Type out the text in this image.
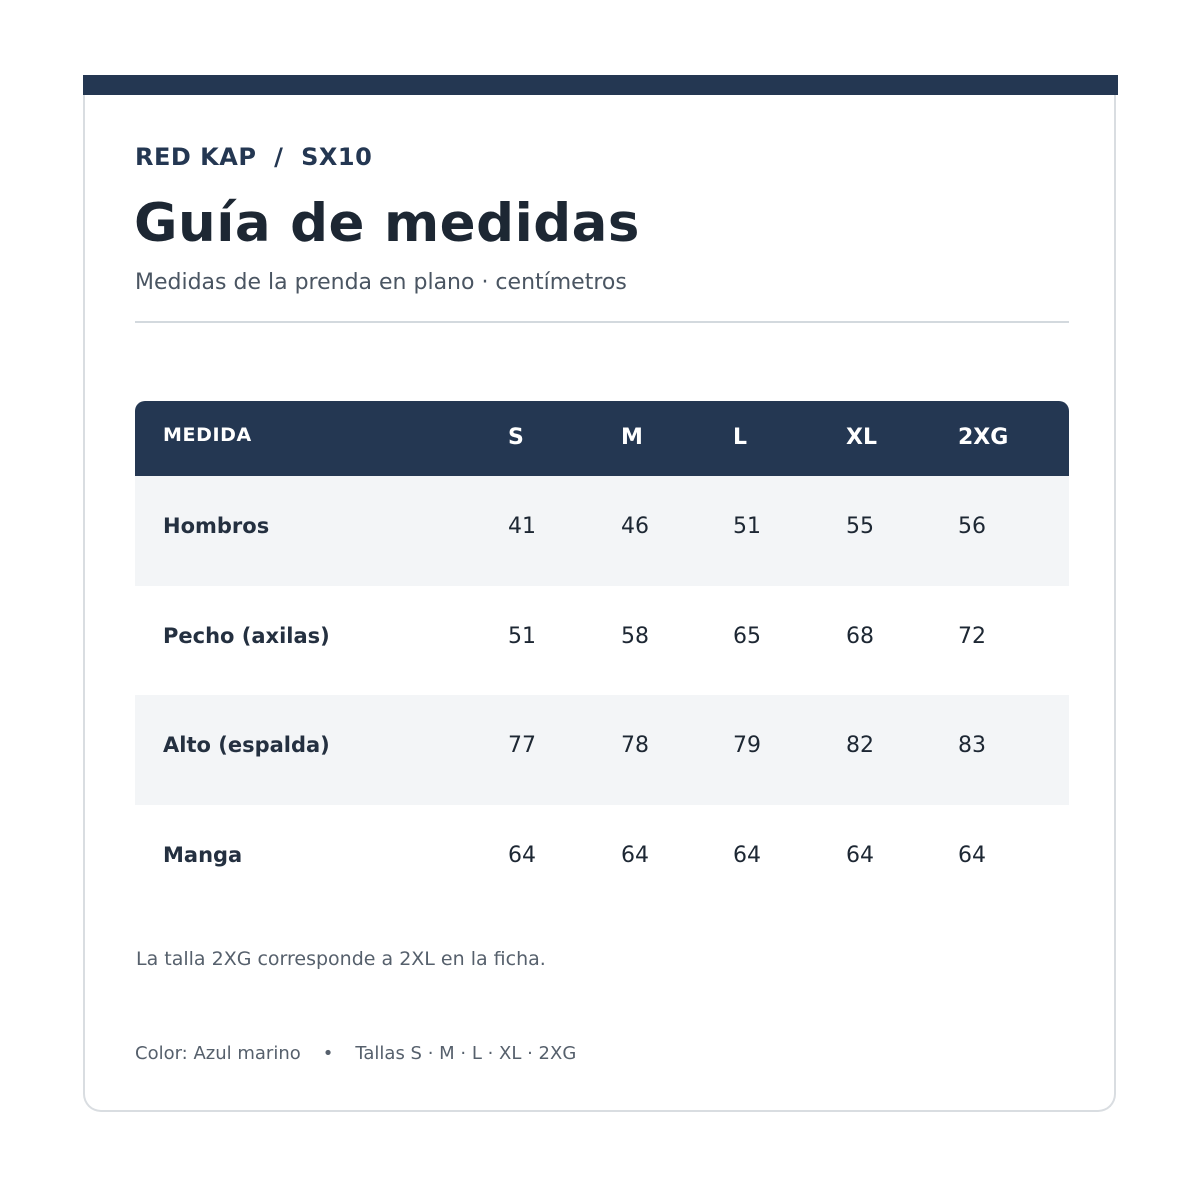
RED KAP  /  SX10
Guía de medidas
Medidas de la prenda en plano · centímetros
MEDIDA	S	M	L	XL	2XG
Hombros	41	46	51	55	56
Pecho (axilas)	51	58	65	68	72
Alto (espalda)	77	78	79	82	83
Manga	64	64	64	64	64
La talla 2XG corresponde a 2XL en la ficha.
Color: Azul marino • Tallas S · M · L · XL · 2XG
